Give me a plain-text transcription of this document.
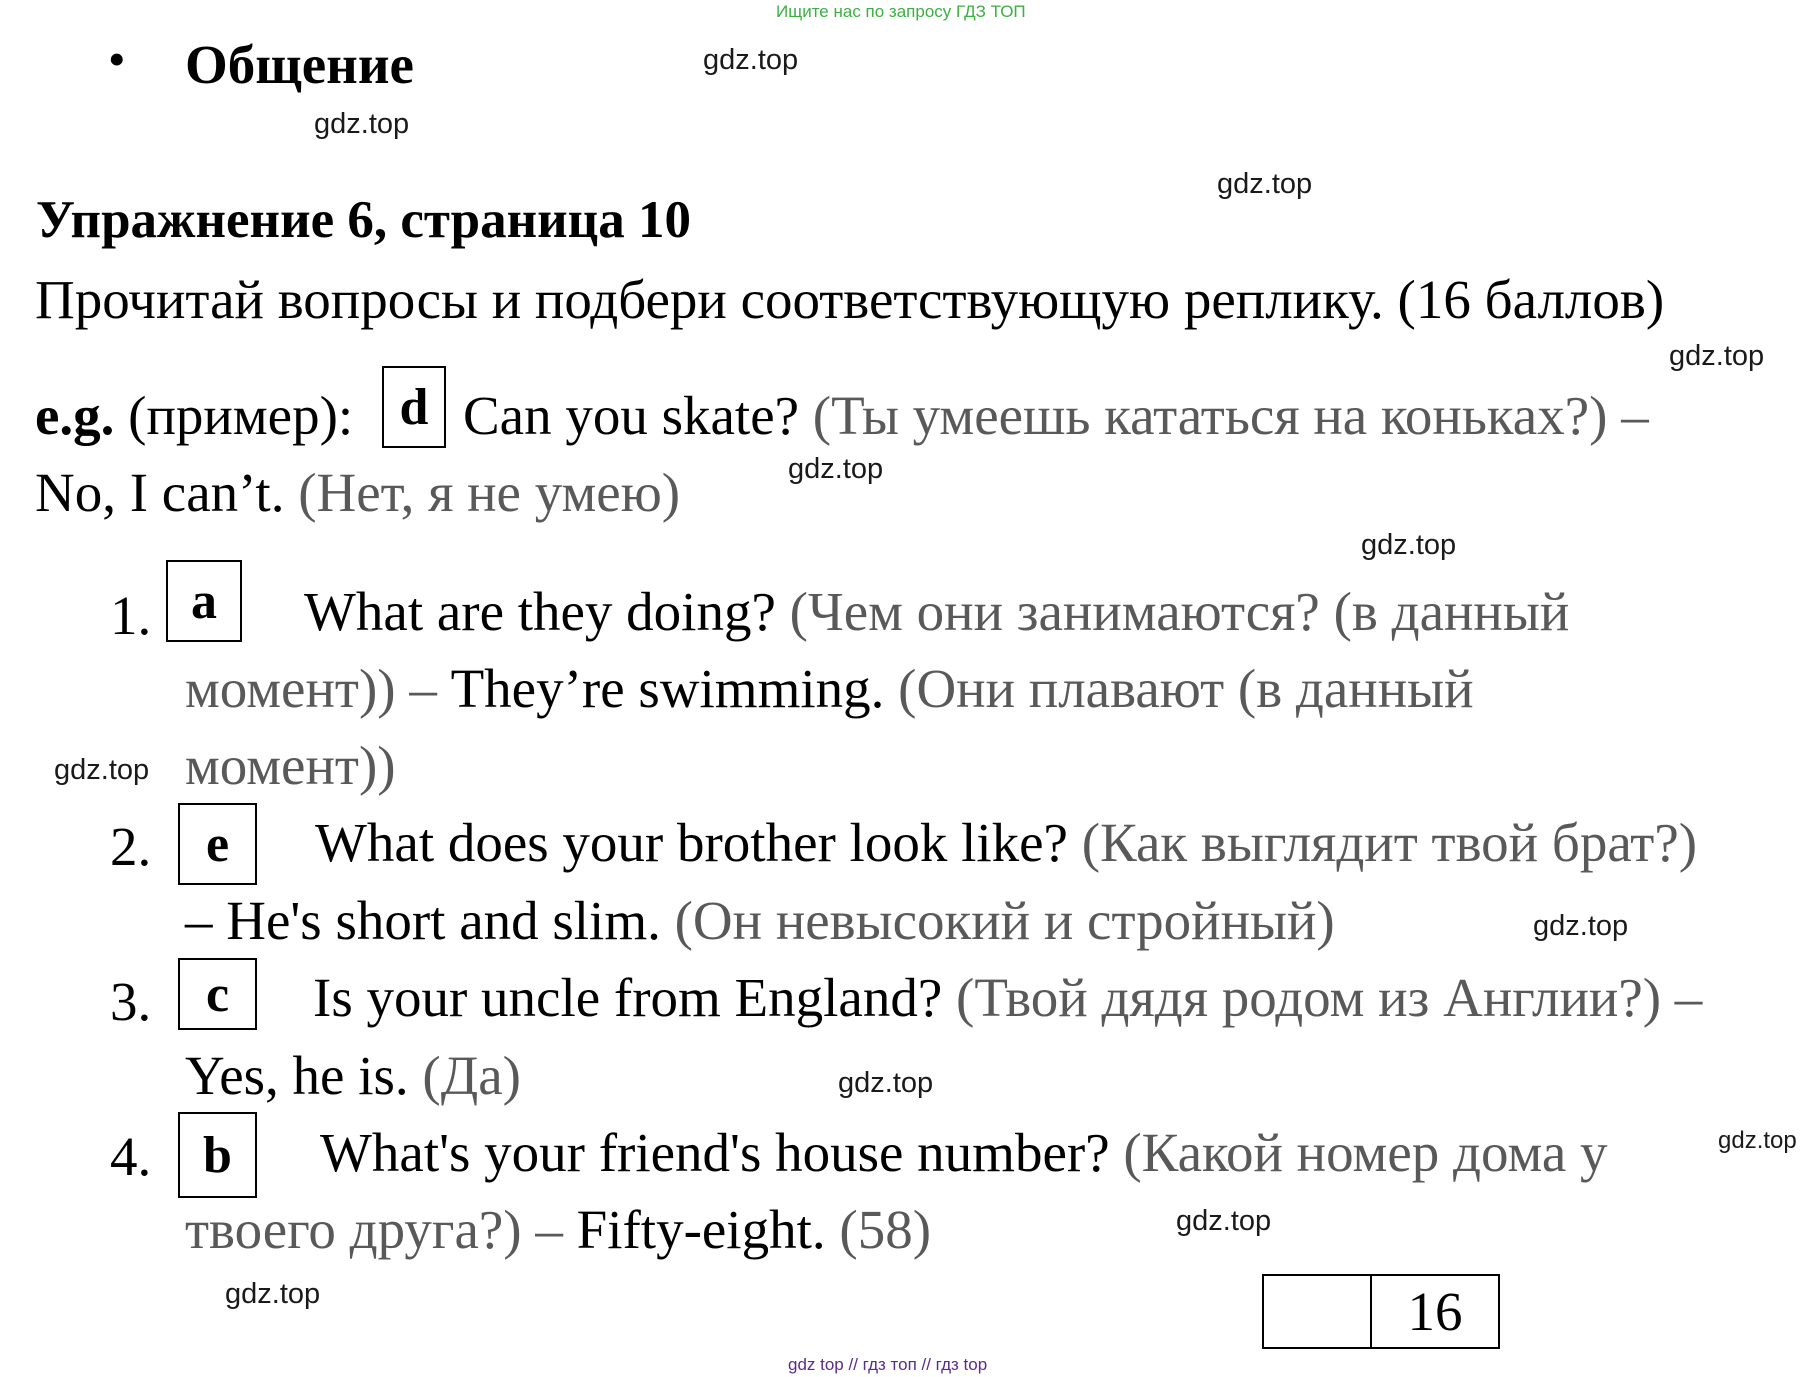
Ищите нас по запросу ГДЗ ТОП
• Общение
Упражнение 6, страница 10
Прочитай вопросы и подбери соответствующую реплику. (16 баллов)
e.g. (пример): d Can you skate? (Ты умеешь кататься на коньках?) –
No, I can’t. (Нет, я не умею)
1. a	What are they doing? (Чем они занимаются? (в данный
момент)) – They’re swimming. (Они плавают (в данный
момент))
2.	e	What does your brother look like? (Как выглядит твой брат?)
– He's short and slim. (Он невысокий и стройный)
3.	c	Is your uncle from England? (Твой дядя родом из Англии?) –
Yes, he is. (Да)
4. b	What's your friend's house number? (Какой номер дома у
твоего друга?) – Fifty-eight. (58)
16
gdz.top
gdz.top
gdz.top
gdz.top
gdz.top
gdz.top
gdz.top
gdz.top
gdz.top
gdz.top
gdz.top
gdz.top
gdz top // гдз топ // гдз top
